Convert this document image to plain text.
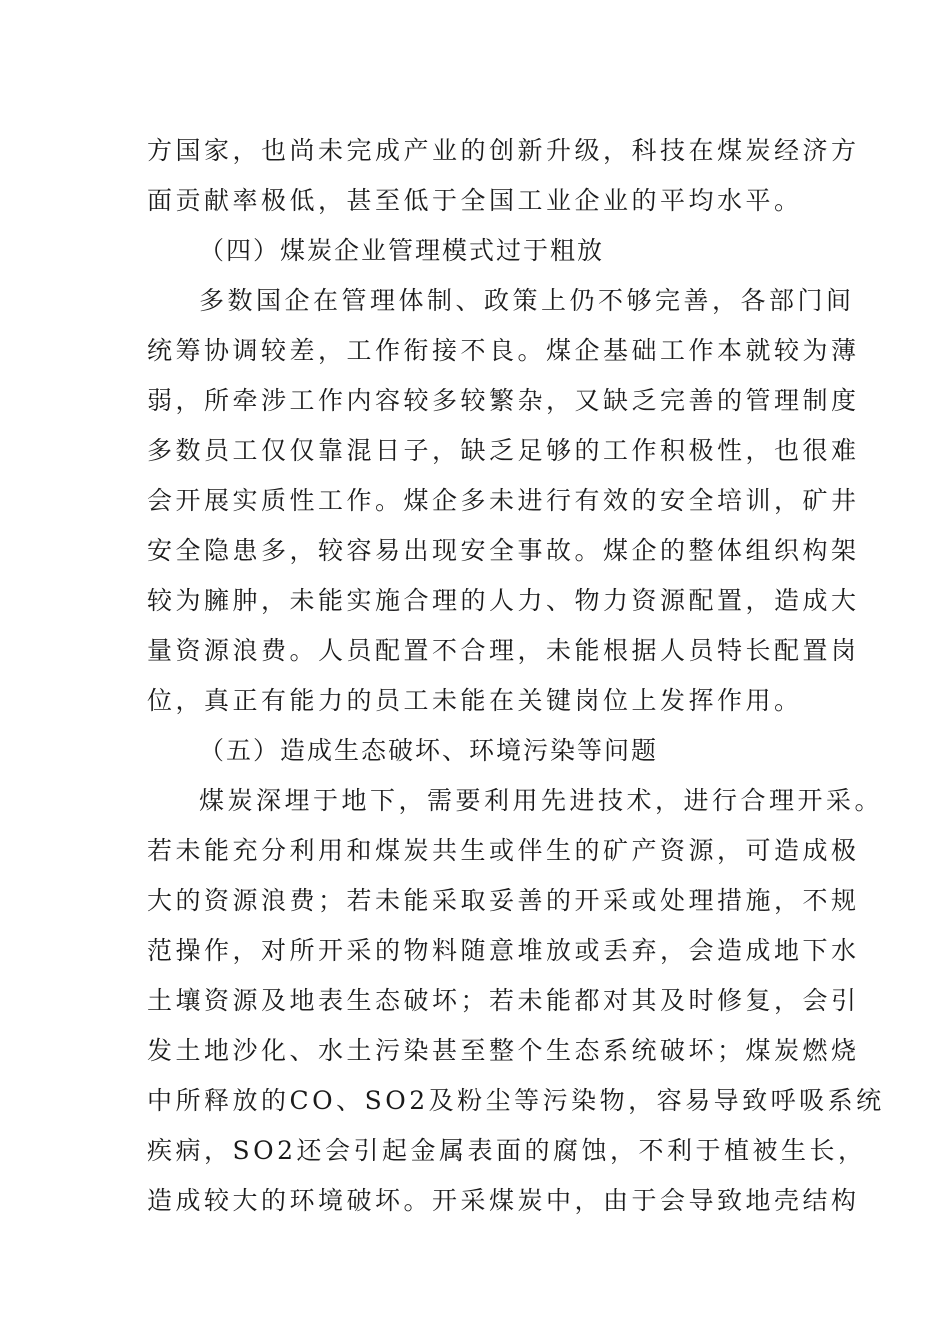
方国家，也尚未完成产业的创新升级，科技在煤炭经济方
面贡献率极低，甚至低于全国工业企业的平均水平。
（四）煤炭企业管理模式过于粗放
多数国企在管理体制、政策上仍不够完善，各部门间
统筹协调较差，工作衔接不良。煤企基础工作本就较为薄
弱，所牵涉工作内容较多较繁杂，又缺乏完善的管理制度
多数员工仅仅靠混日子，缺乏足够的工作积极性，也很难
会开展实质性工作。煤企多未进行有效的安全培训，矿井
安全隐患多，较容易出现安全事故。煤企的整体组织构架
较为臃肿，未能实施合理的人力、物力资源配置，造成大
量资源浪费。人员配置不合理，未能根据人员特长配置岗
位，真正有能力的员工未能在关键岗位上发挥作用。
（五）造成生态破坏、环境污染等问题
煤炭深埋于地下，需要利用先进技术，进行合理开采。
若未能充分利用和煤炭共生或伴生的矿产资源，可造成极
大的资源浪费；若未能采取妥善的开采或处理措施，不规
范操作，对所开采的物料随意堆放或丢弃，会造成地下水
土壤资源及地表生态破坏；若未能都对其及时修复，会引
发土地沙化、水土污染甚至整个生态系统破坏；煤炭燃烧
中所释放的CO、SO2及粉尘等污染物，容易导致呼吸系统
疾病，SO2还会引起金属表面的腐蚀，不利于植被生长，
造成较大的环境破坏。开采煤炭中，由于会导致地壳结构
